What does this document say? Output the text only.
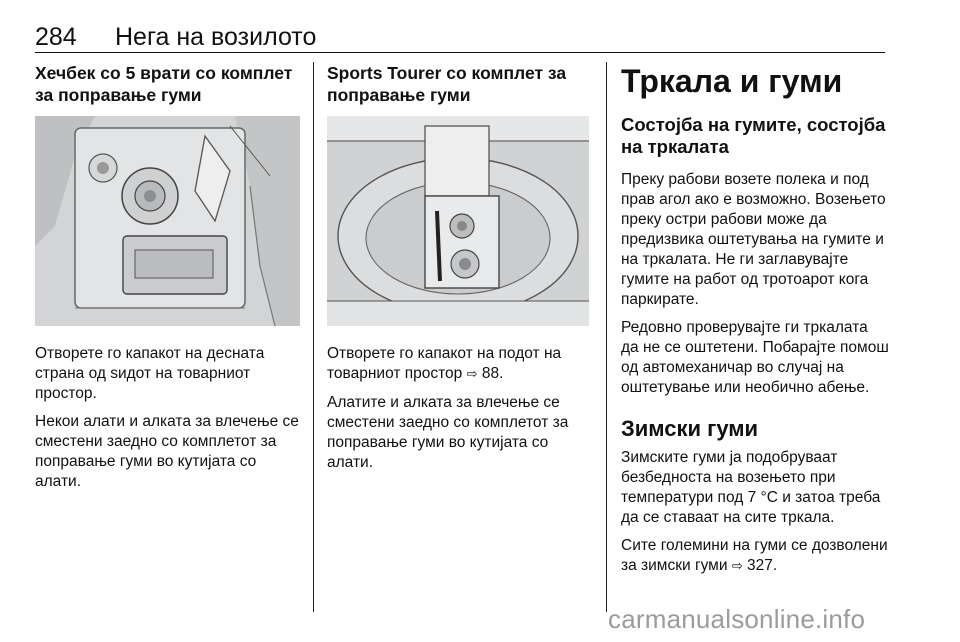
284 Нега на возилото
Хечбек со 5 врати со комплет за поправање гуми

Отворете го капакот на десната страна од sидот на товарниот простор.

Некои алати и алката за влечење се сместени заедно со комплетот за поправање гуми во кутијата со алати.

Sports Tourer со комплет за поправање гуми

Отворете го капакот на подот на товарниот простор ⇨ 88.

Алатите и алката за влечење се сместени заедно со комплетот за поправање гуми во кутијата со алати.

Тркала и гуми
Состојба на гумите, состојба на тркалата

Преку рабови возете полека и под прав агол ако е возможно. Возењето преку остри рабови може да предизвика оштетувања на гумите и на тркалата. Не ги заглавувајте гумите на работ од тротоарот кога паркирате.

Редовно проверувајте ги тркалата да не се оштетени. Побарајте помош од автомеханичар во случај на оштетување или необично абење.

Зимски гуми

Зимските гуми ја подобруваат безбедноста на возењето при температури под 7 °C и затоа треба да се ставаат на сите тркала.

Сите големини на гуми се дозволени за зимски гуми ⇨ 327.

carmanualsonline.info
